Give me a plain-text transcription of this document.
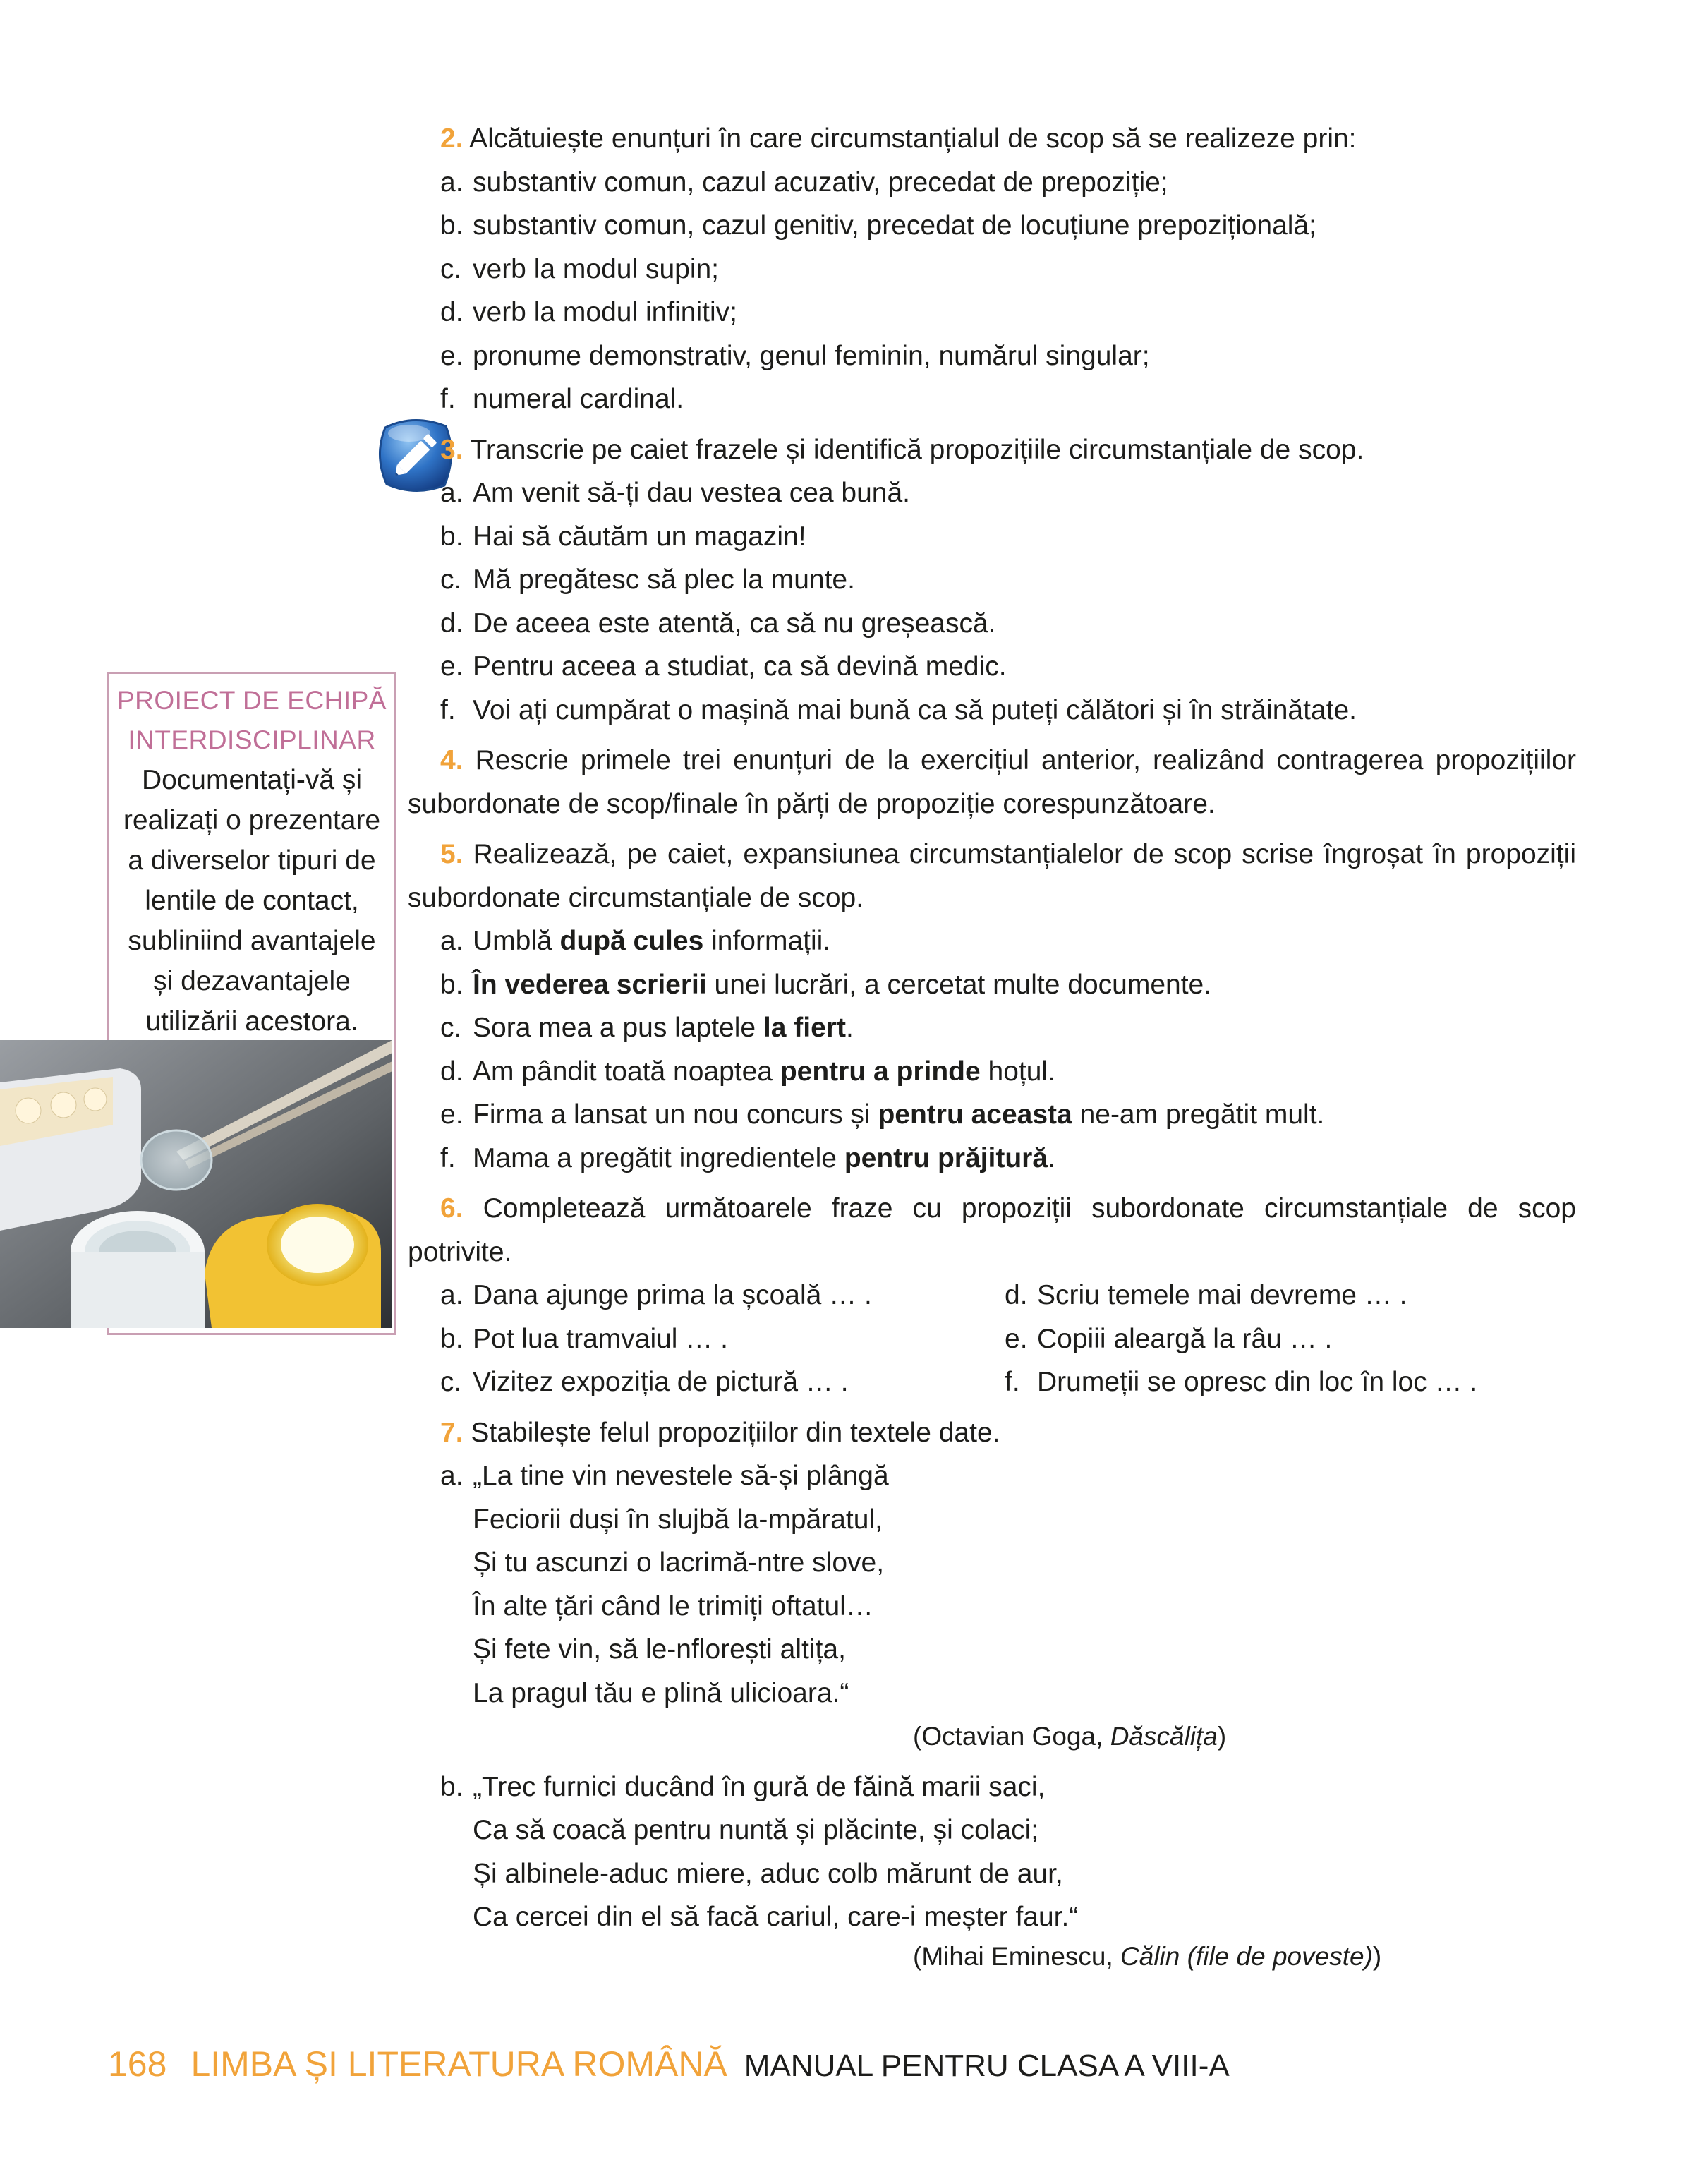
2. Alcătuiește enunțuri în care circumstanțialul de scop să se realizeze prin:
a. substantiv comun, cazul acuzativ, precedat de prepoziție;
b. substantiv comun, cazul genitiv, precedat de locuțiune prepozițională;
c. verb la modul supin;
d. verb la modul infinitiv;
e. pronume demonstrativ, genul feminin, numărul singular;
f. numeral cardinal.
3. Transcrie pe caiet frazele și identifică propozițiile circumstanțiale de scop.
a. Am venit să-ți dau vestea cea bună.
b. Hai să căutăm un magazin!
c. Mă pregătesc să plec la munte.
d. De aceea este atentă, ca să nu greșească.
e. Pentru aceea a studiat, ca să devină medic.
f. Voi ați cumpărat o mașină mai bună ca să puteți călători și în străinătate.
4. Rescrie primele trei enunțuri de la exercițiul anterior, realizând contragerea propozițiilor subordonate de scop/finale în părți de propoziție corespunzătoare.
5. Realizează, pe caiet, expansiunea circumstanțialelor de scop scrise îngroșat în propoziții subordonate circumstanțiale de scop.
a. Umblă după cules informații.
b. În vederea scrierii unei lucrări, a cercetat multe documente.
c. Sora mea a pus laptele la fiert.
d. Am pândit toată noaptea pentru a prinde hoțul.
e. Firma a lansat un nou concurs și pentru aceasta ne-am pregătit mult.
f. Mama a pregătit ingredientele pentru prăjitură.
6. Completează următoarele fraze cu propoziții subordonate circumstanțiale de scop potrivite.
a. Dana ajunge prima la școală … .
b. Pot lua tramvaiul … .
c. Vizitez expoziția de pictură … .
d. Scriu temele mai devreme … .
e. Copiii aleargă la râu … .
f. Drumeții se opresc din loc în loc … .
7. Stabilește felul propozițiilor din textele date.
a. „La tine vin nevestele să-și plângă
Feciorii duși în slujbă la-mpăratul,
Și tu ascunzi o lacrimă-ntre slove,
În alte țări când le trimiți oftatul…
Și fete vin, să le-nflorești altița,
La pragul tău e plină ulicioara.“
(Octavian Goga, Dăscălița)
b. „Trec furnici ducând în gură de făină marii saci,
Ca să coacă pentru nuntă și plăcinte, și colaci;
Și albinele-aduc miere, aduc colb mărunt de aur,
Ca cercei din el să facă cariul, care-i meșter faur.“
(Mihai Eminescu, Călin (file de poveste))
PROIECT DE ECHIPĂ
INTERDISCIPLINAR
Documentați-vă și
realizați o prezentare
a diverselor tipuri de
lentile de contact,
subliniind avantajele
și dezavantajele
utilizării acestora.
168 LIMBA ȘI LITERATURA ROMÂNĂ MANUAL PENTRU CLASA A VIII-A
